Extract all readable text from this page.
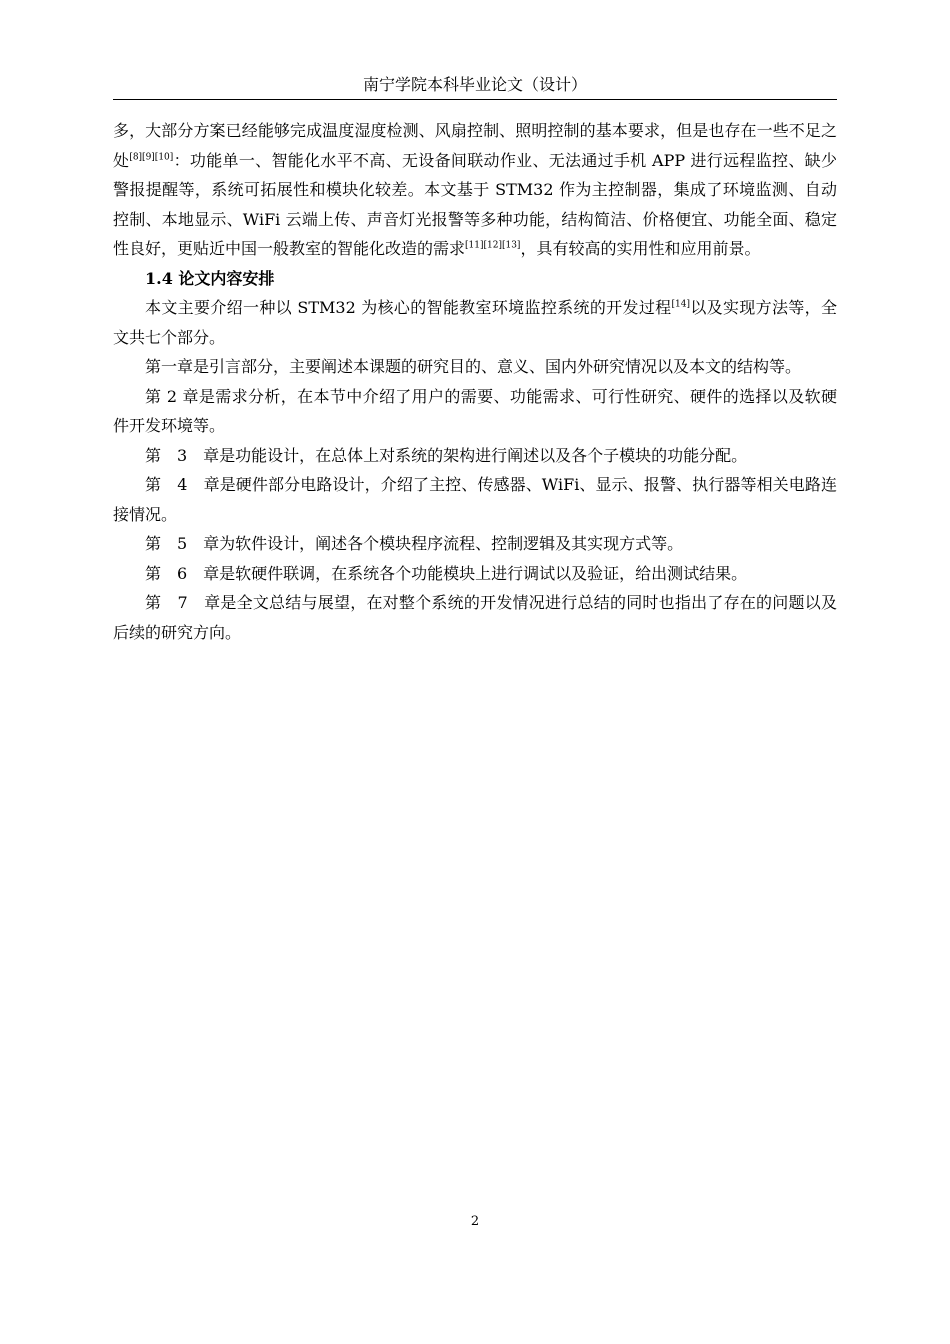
南宁学院本科毕业论文（设计）

多，大部分方案已经能够完成温度湿度检测、风扇控制、照明控制的基本要求，但是也存在一些不足之处[8][9][10]：功能单一、智能化水平不高、无设备间联动作业、无法通过手机 APP 进行远程监控、缺少警报提醒等，系统可拓展性和模块化较差。本文基于 STM32 作为主控制器，集成了环境监测、自动控制、本地显示、WiFi 云端上传、声音灯光报警等多种功能，结构简洁、价格便宜、功能全面、稳定性良好，更贴近中国一般教室的智能化改造的需求[11][12][13]，具有较高的实用性和应用前景。

1.4 论文内容安排

本文主要介绍一种以 STM32 为核心的智能教室环境监控系统的开发过程[14]以及实现方法等，全文共七个部分。

第一章是引言部分，主要阐述本课题的研究目的、意义、国内外研究情况以及本文的结构等。

第 2 章是需求分析，在本节中介绍了用户的需要、功能需求、可行性研究、硬件的选择以及软硬件开发环境等。

第　3　章是功能设计，在总体上对系统的架构进行阐述以及各个子模块的功能分配。

第　4　章是硬件部分电路设计，介绍了主控、传感器、WiFi、显示、报警、执行器等相关电路连接情况。

第　5　章为软件设计，阐述各个模块程序流程、控制逻辑及其实现方式等。

第　6　章是软硬件联调，在系统各个功能模块上进行调试以及验证，给出测试结果。

第　7　章是全文总结与展望，在对整个系统的开发情况进行总结的同时也指出了存在的问题以及后续的研究方向。

2
